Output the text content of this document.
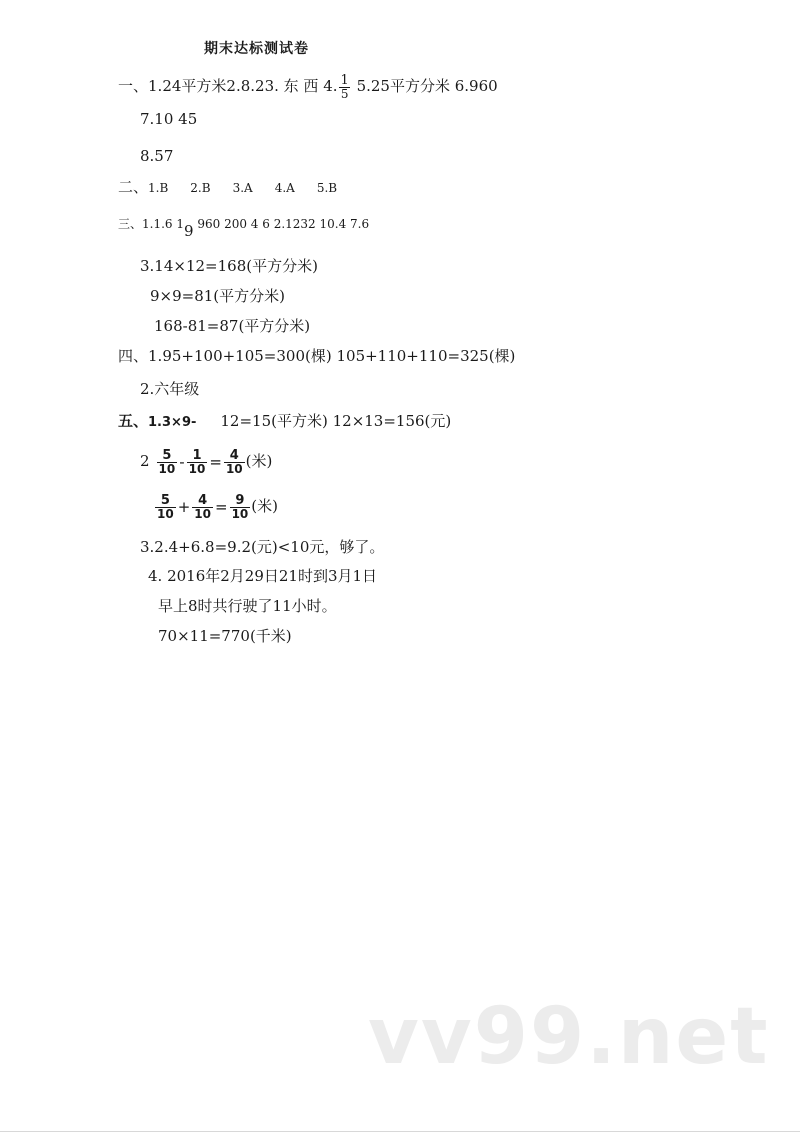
期末达标测试卷
一、1.24平方米2.8.23. 东 西 4. $\frac{1}{5} 5.25$平方分米 6.960
7.10 45
8.57
二、1.B 2.B 3.A 4.A 5.B
三、1.1.6 19 960 200 4 6 2.1232 10.4 7.6
3.14×12=168(平方分米)
9×9=81(平方分米)
168-81=87(平方分米)
四、1.95+100+105=300(棵) 105+110+110=325(棵)
2.六年级
五、1.3×9- 12=15(平方米) 12×13=156(元)
$2 \frac{5}{10} - \frac{1}{10} = \frac{4}{10}$ (米)
$\frac{5}{10} + \frac{4}{10} = \frac{9}{10}$ (米)
3.2.4+6.8=9.2(元)<10元，够了。
4. 2016年2月29日21时到3月1日
早上8时共行驶了11小时。
70×11=770(千米)
vv99.net
